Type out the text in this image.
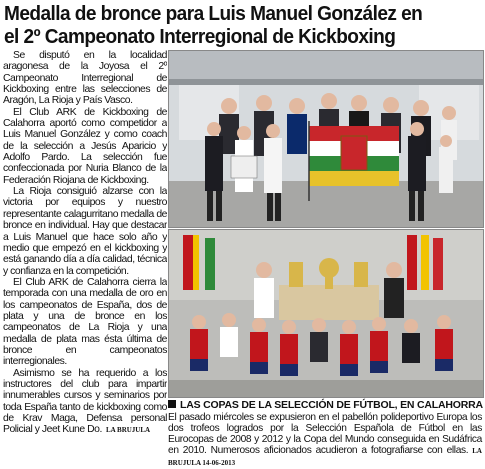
Medalla de bronce para Luis Manuel González en
el 2º Campeonato Interregional de Kickboxing

Se disputó en la localidad aragonesa de la Joyosa el 2º Campeonato Interregional de Kickboxing entre las selecciones de Aragón, La Rioja y País Vasco.

El Club ARK de Kickboxing de Calahorra aportó como competidor a Luis Manuel González y como coach de la selección a Jesús Aparicio y Adolfo Pardo. La selección fue confeccionada por Nuria Blanco de la Federación Riojana de Kickboxing.

La Rioja consiguió alzarse con la victoria por equipos y nuestro representante calagurritano medalla de bronce en individual. Hay que destacar a Luis Manuel que hace solo año y medio que empezó en el kickboxing y está ganando día a día calidad, técnica y confianza en la competición.

El Club ARK de Calahorra cierra la temporada con una medalla de oro en los campeonatos de España, dos de plata y una de bronce en los campeonatos de La Rioja y una medalla de plata mas ésta última de bronce en campeonatos interregionales.

Asimismo se ha requerido a los instructores del club para impartir innumerables cursos y seminarios por toda España tanto de kickboxing como de Krav Maga, Defensa personal Policial y Jeet Kune Do. LA BRUJULA

LAS COPAS DE LA SELECCIÓN DE FÚTBOL, EN CALAHORRA
El pasado miércoles se expusieron en el pabellón polideportivo Europa los dos trofeos logrados por la Selección Española de Fútbol en las Eurocopas de 2008 y 2012 y la Copa del Mundo conseguida en Sudáfrica en 2010. Numerosos aficionados acudieron a fotografiarse con ellas. LA BRUJULA 14-06-2013
